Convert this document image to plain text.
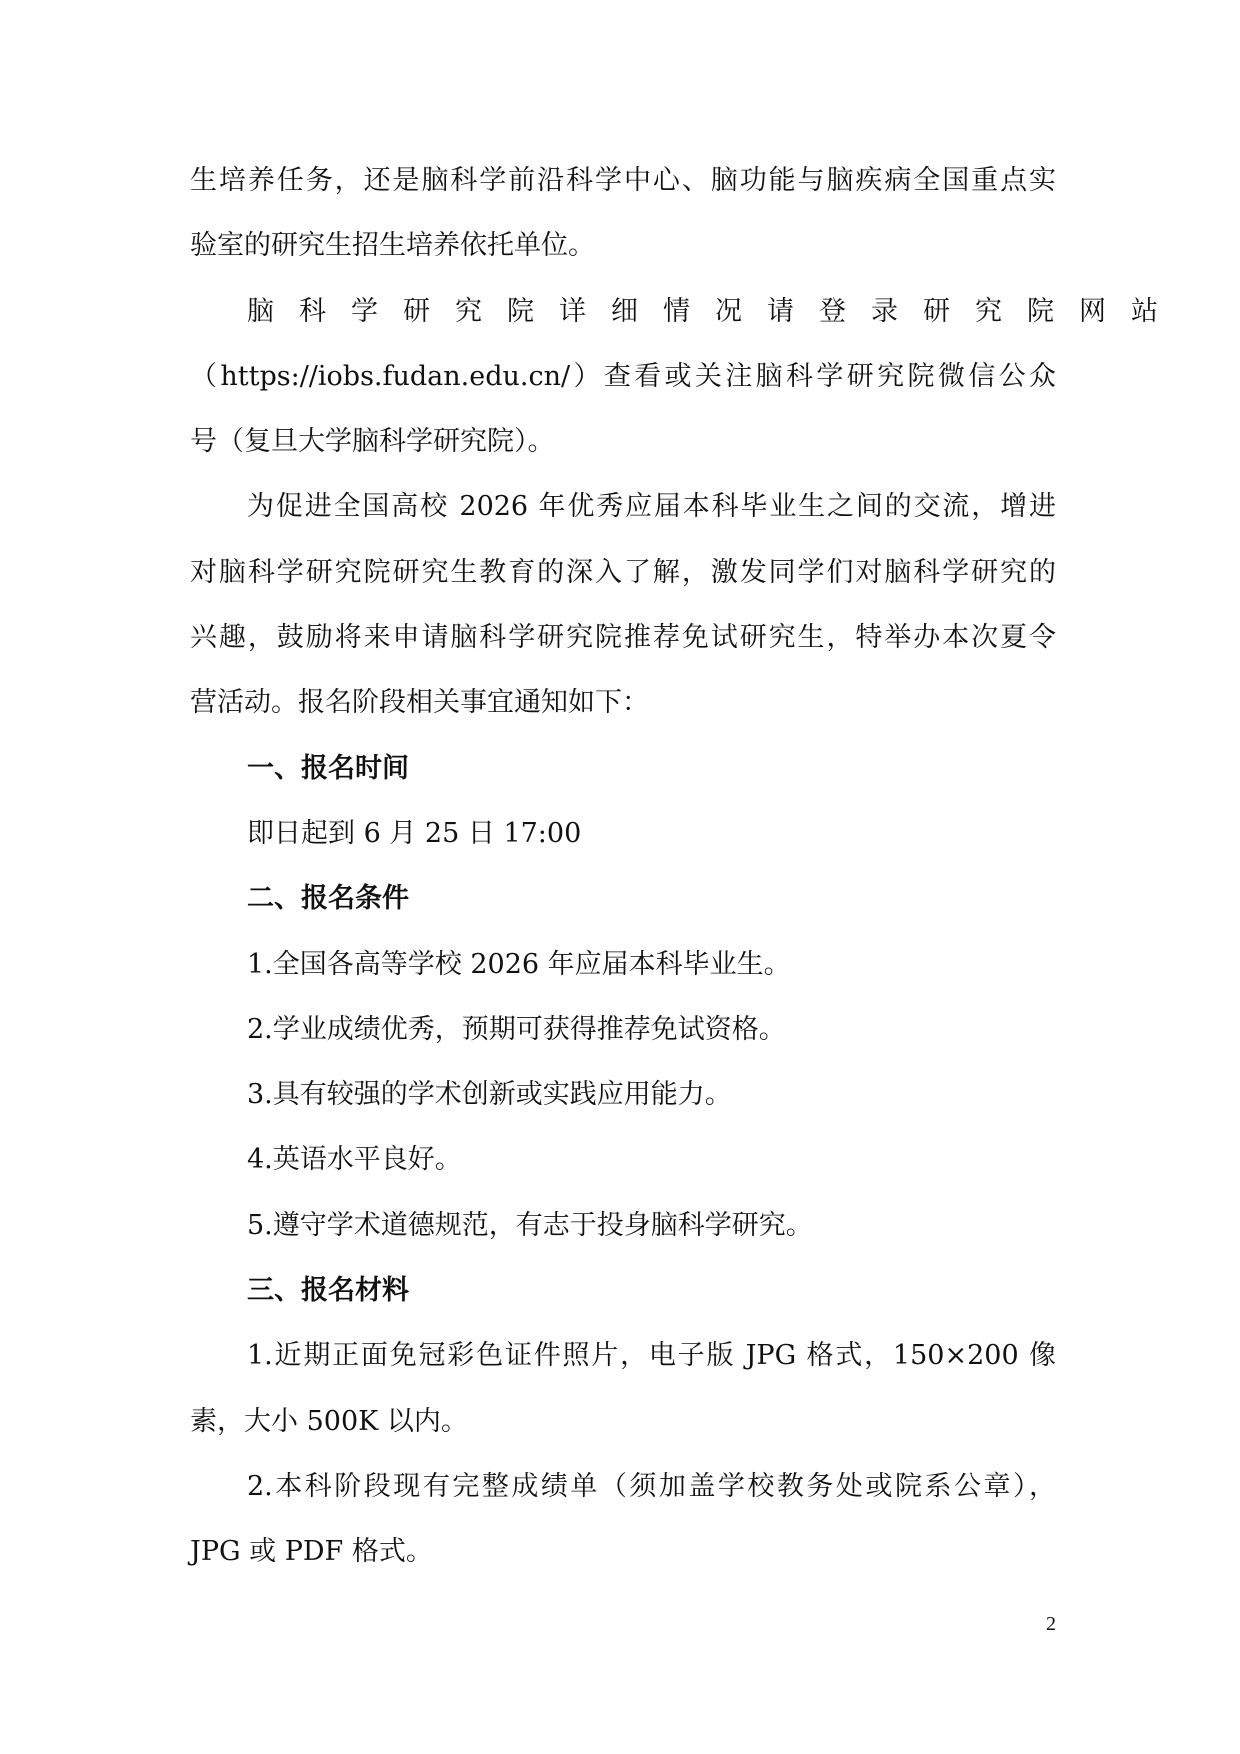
生培养任务，还是脑科学前沿科学中心、脑功能与脑疾病全国重点实
验室的研究生招生培养依托单位。
脑科学研究院详细情况请登录研究院网站
（https://iobs.fudan.edu.cn/）查看或关注脑科学研究院微信公众
号（复旦大学脑科学研究院）。
为促进全国高校 2026 年优秀应届本科毕业生之间的交流，增进
对脑科学研究院研究生教育的深入了解，激发同学们对脑科学研究的
兴趣，鼓励将来申请脑科学研究院推荐免试研究生，特举办本次夏令
营活动。报名阶段相关事宜通知如下：
一、报名时间
即日起到 6 月 25 日 17:00
二、报名条件
1.全国各高等学校 2026 年应届本科毕业生。
2.学业成绩优秀，预期可获得推荐免试资格。
3.具有较强的学术创新或实践应用能力。
4.英语水平良好。
5.遵守学术道德规范，有志于投身脑科学研究。
三、报名材料
1.近期正面免冠彩色证件照片，电子版 JPG 格式，150×200 像
素，大小 500K 以内。
2.本科阶段现有完整成绩单（须加盖学校教务处或院系公章），
JPG 或 PDF 格式。
2
